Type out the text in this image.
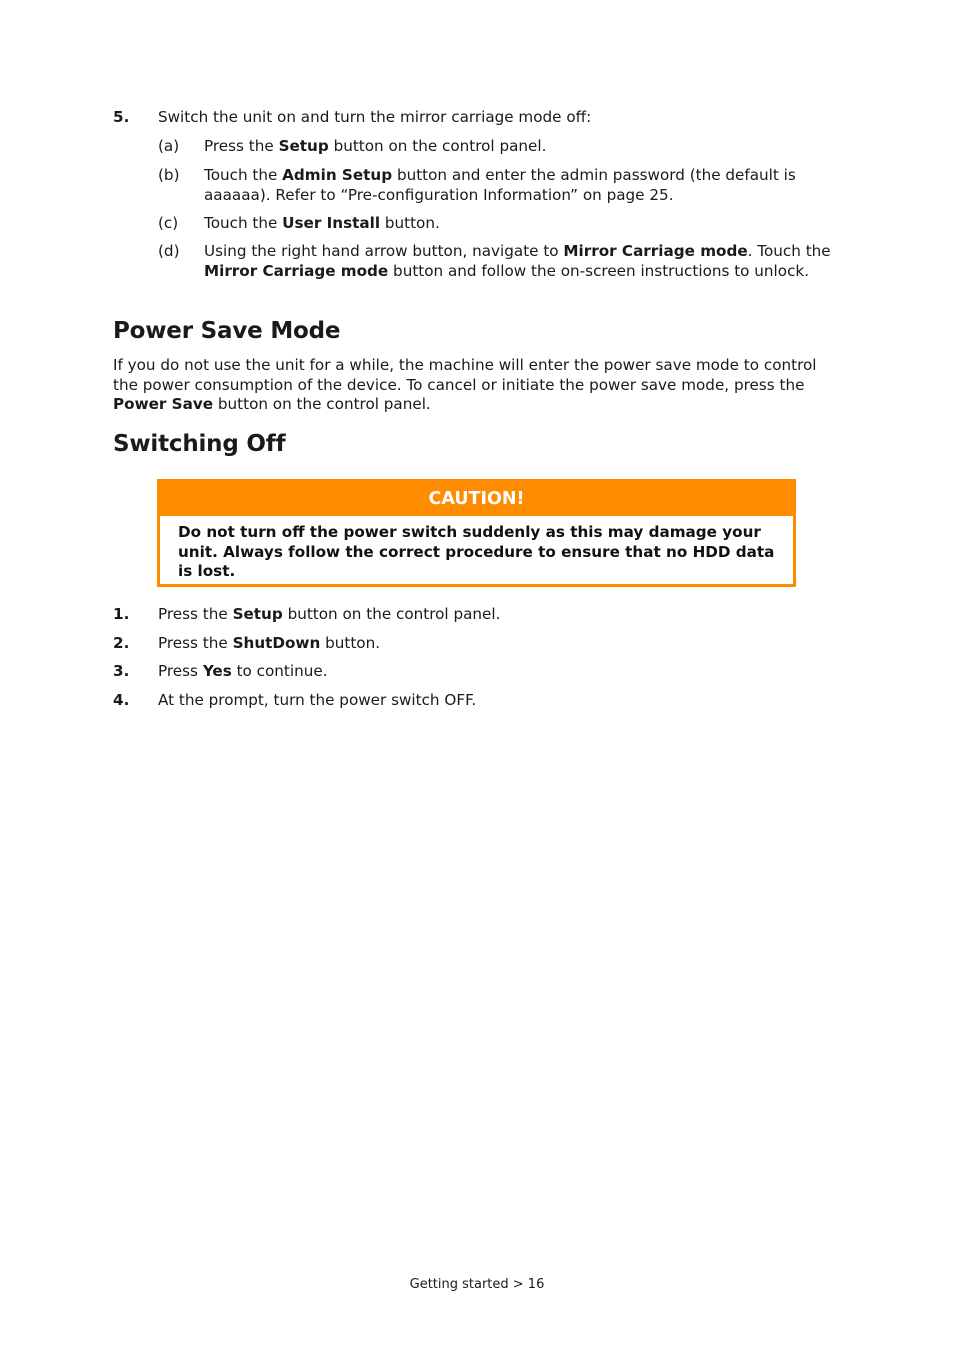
5. Switch the unit on and turn the mirror carriage mode off:
(a) Press the Setup button on the control panel.
(b) Touch the Admin Setup button and enter the admin password (the default is aaaaaa). Refer to “Pre-configuration Information” on page 25.
(c) Touch the User Install button.
(d) Using the right hand arrow button, navigate to Mirror Carriage mode. Touch the Mirror Carriage mode button and follow the on-screen instructions to unlock.
Power Save Mode
If you do not use the unit for a while, the machine will enter the power save mode to control the power consumption of the device. To cancel or initiate the power save mode, press the Power Save button on the control panel.
Switching Off
CAUTION!
Do not turn off the power switch suddenly as this may damage your unit. Always follow the correct procedure to ensure that no HDD data is lost.
1. Press the Setup button on the control panel.
2. Press the ShutDown button.
3. Press Yes to continue.
4. At the prompt, turn the power switch OFF.
Getting started > 16
